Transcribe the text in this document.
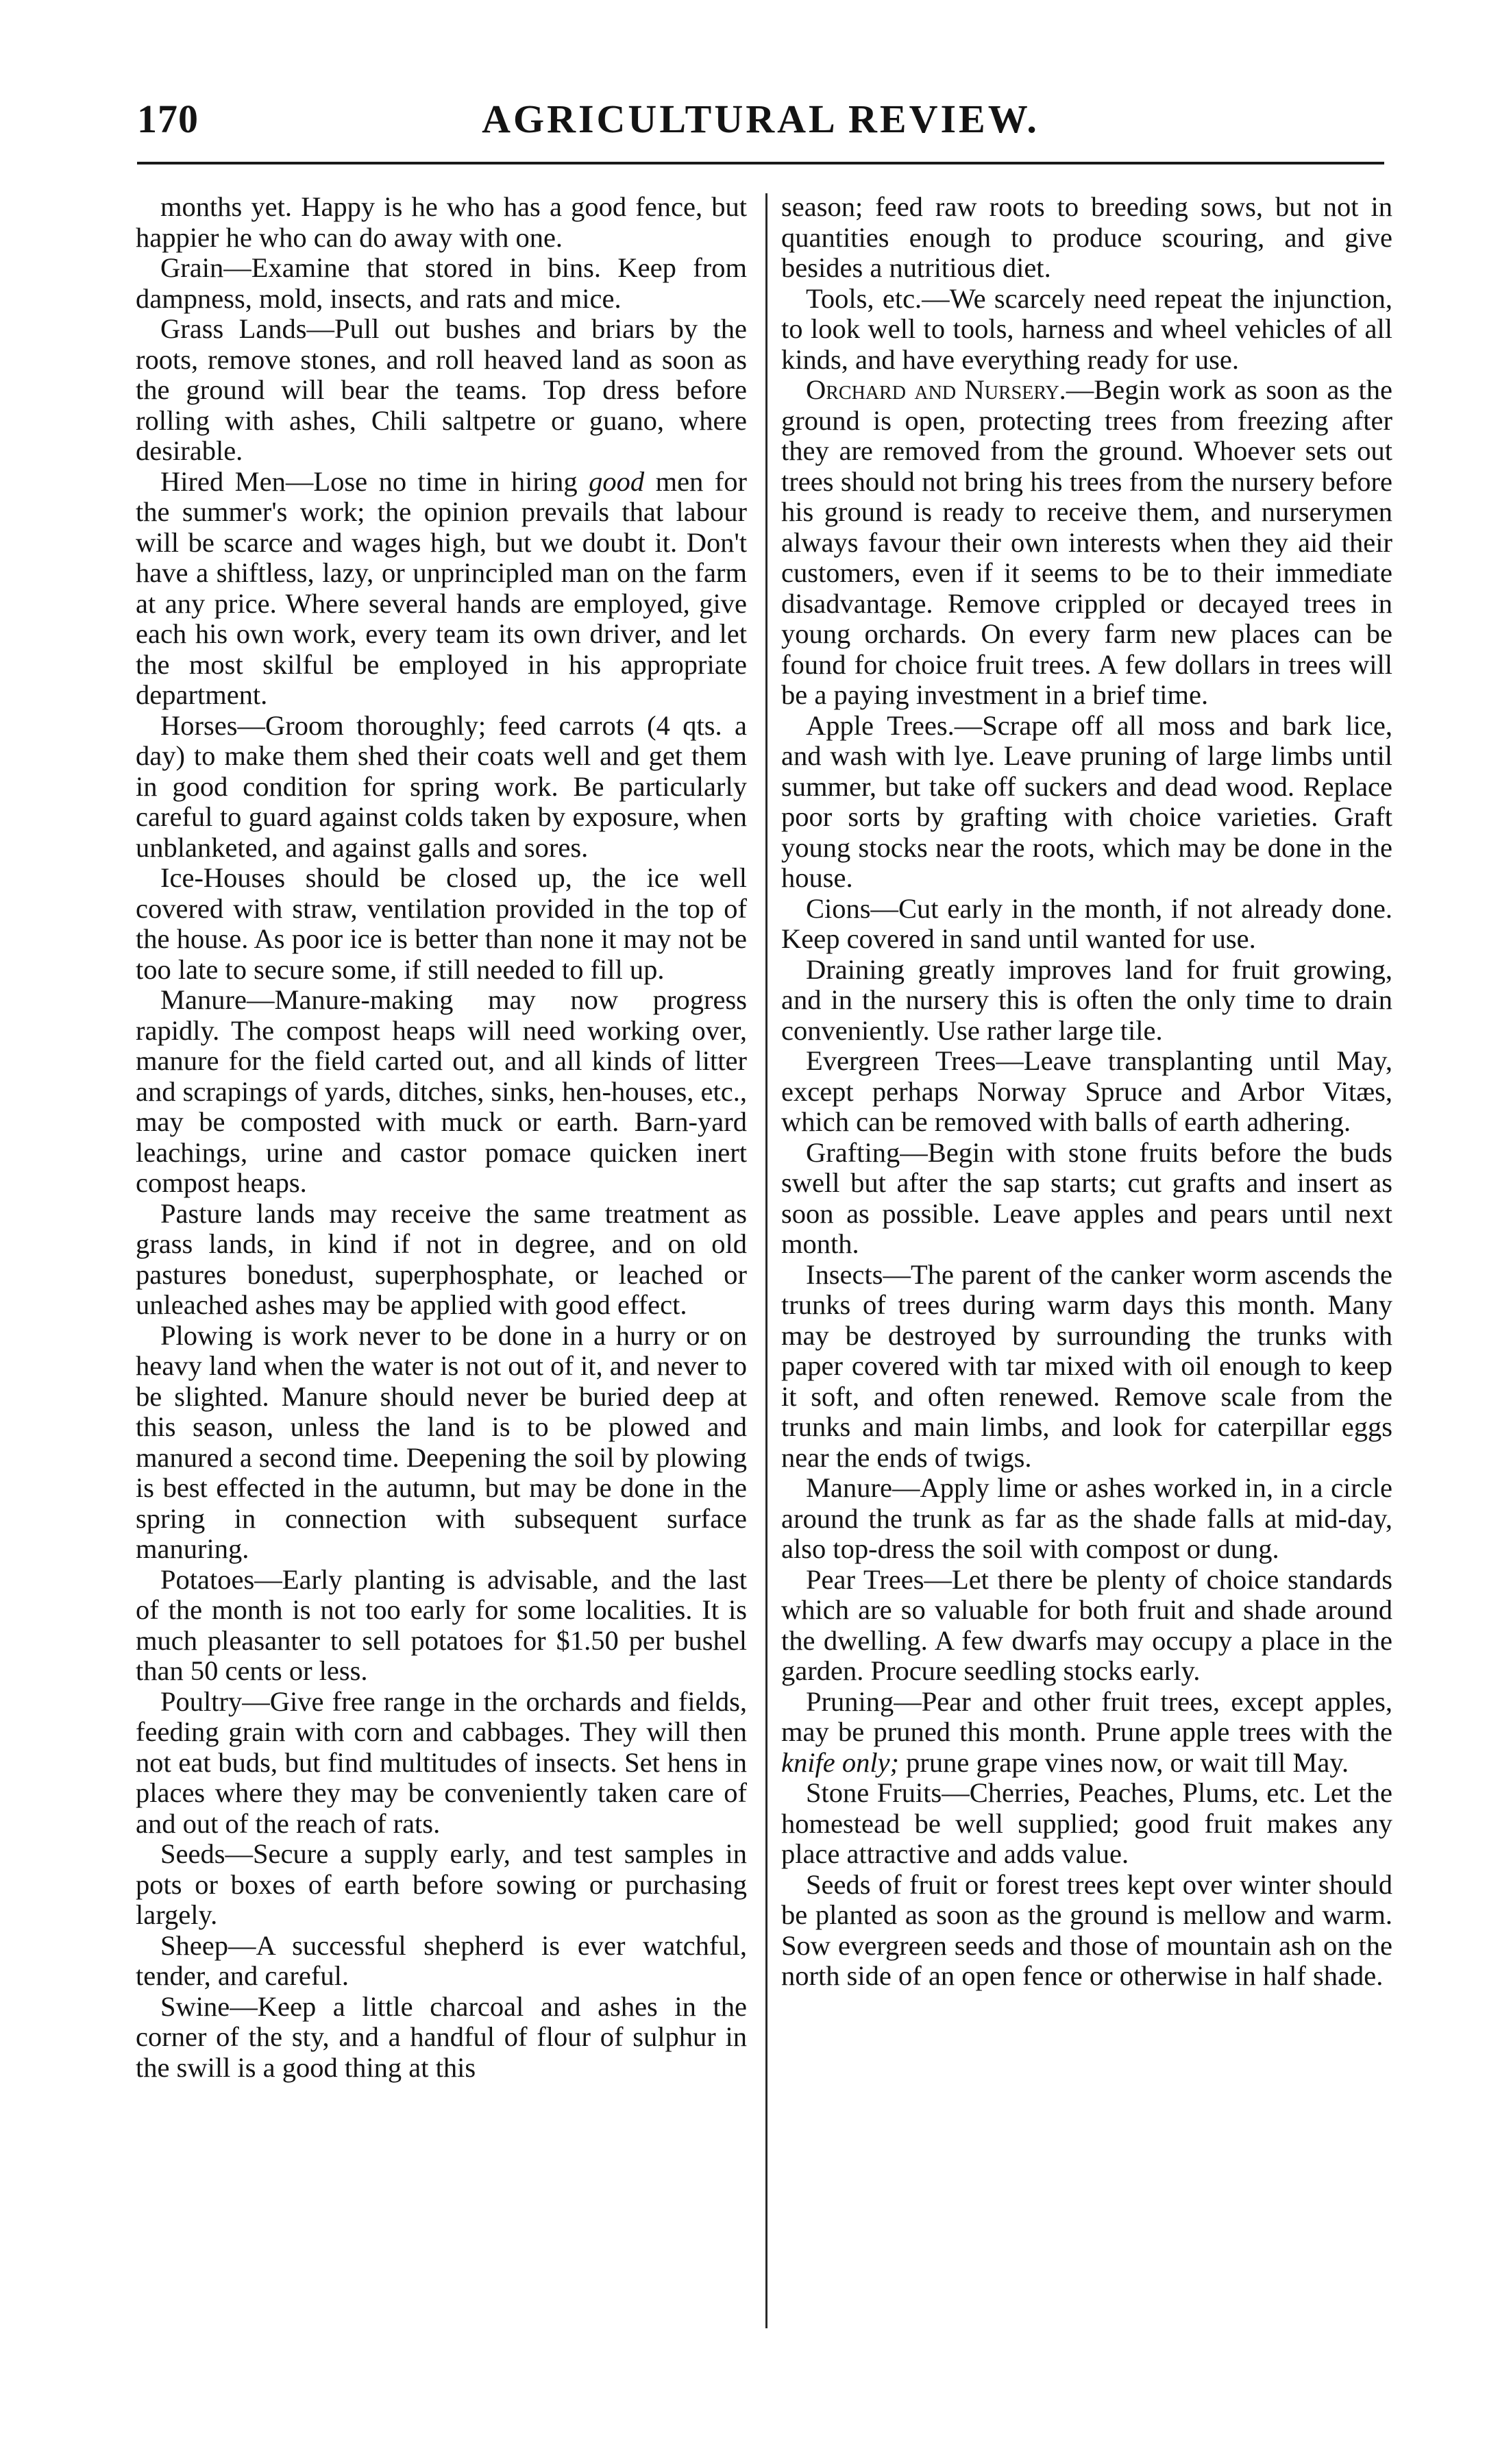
170	AGRICULTURAL REVIEW.

months yet. Happy is he who has a good fence, but happier he who can do away with one.

Grain—Examine that stored in bins. Keep from dampness, mold, insects, and rats and mice.

Grass Lands—Pull out bushes and briars by the roots, remove stones, and roll heaved land as soon as the ground will bear the teams. Top dress before rolling with ashes, Chili saltpetre or guano, where desirable.

Hired Men—Lose no time in hiring good men for the summer's work; the opinion prevails that labour will be scarce and wages high, but we doubt it. Don't have a shiftless, lazy, or unprincipled man on the farm at any price. Where several hands are employed, give each his own work, every team its own driver, and let the most skilful be employed in his appropriate department.

Horses—Groom thoroughly; feed carrots (4 qts. a day) to make them shed their coats well and get them in good condition for spring work. Be particularly careful to guard against colds taken by exposure, when unblanketed, and against galls and sores.

Ice-Houses should be closed up, the ice well covered with straw, ventilation provided in the top of the house. As poor ice is better than none it may not be too late to secure some, if still needed to fill up.

Manure—Manure-making may now progress rapidly. The compost heaps will need working over, manure for the field carted out, and all kinds of litter and scrapings of yards, ditches, sinks, hen-houses, etc., may be composted with muck or earth. Barn-yard leachings, urine and castor pomace quicken inert compost heaps.

Pasture lands may receive the same treatment as grass lands, in kind if not in degree, and on old pastures bonedust, superphosphate, or leached or unleached ashes may be applied with good effect.

Plowing is work never to be done in a hurry or on heavy land when the water is not out of it, and never to be slighted. Manure should never be buried deep at this season, unless the land is to be plowed and manured a second time. Deepening the soil by plowing is best effected in the autumn, but may be done in the spring in connection with subsequent surface manuring.

Potatoes—Early planting is advisable, and the last of the month is not too early for some localities. It is much pleasanter to sell potatoes for $1.50 per bushel than 50 cents or less.

Poultry—Give free range in the orchards and fields, feeding grain with corn and cabbages. They will then not eat buds, but find multitudes of insects. Set hens in places where they may be conveniently taken care of and out of the reach of rats.

Seeds—Secure a supply early, and test samples in pots or boxes of earth before sowing or purchasing largely.

Sheep—A successful shepherd is ever watchful, tender, and careful.

Swine—Keep a little charcoal and ashes in the corner of the sty, and a handful of flour of sulphur in the swill is a good thing at this

season; feed raw roots to breeding sows, but not in quantities enough to produce scouring, and give besides a nutritious diet.

Tools, etc.—We scarcely need repeat the injunction, to look well to tools, harness and wheel vehicles of all kinds, and have everything ready for use.

Orchard and Nursery.—Begin work as soon as the ground is open, protecting trees from freezing after they are removed from the ground. Whoever sets out trees should not bring his trees from the nursery before his ground is ready to receive them, and nurserymen always favour their own interests when they aid their customers, even if it seems to be to their immediate disadvantage. Remove crippled or decayed trees in young orchards. On every farm new places can be found for choice fruit trees. A few dollars in trees will be a paying investment in a brief time.

Apple Trees.—Scrape off all moss and bark lice, and wash with lye. Leave pruning of large limbs until summer, but take off suckers and dead wood. Replace poor sorts by grafting with choice varieties. Graft young stocks near the roots, which may be done in the house.

Cions—Cut early in the month, if not already done. Keep covered in sand until wanted for use.

Draining greatly improves land for fruit growing, and in the nursery this is often the only time to drain conveniently. Use rather large tile.

Evergreen Trees—Leave transplanting until May, except perhaps Norway Spruce and Arbor Vitæs, which can be removed with balls of earth adhering.

Grafting—Begin with stone fruits before the buds swell but after the sap starts; cut grafts and insert as soon as possible. Leave apples and pears until next month.

Insects—The parent of the canker worm ascends the trunks of trees during warm days this month. Many may be destroyed by surrounding the trunks with paper covered with tar mixed with oil enough to keep it soft, and often renewed. Remove scale from the trunks and main limbs, and look for caterpillar eggs near the ends of twigs.

Manure—Apply lime or ashes worked in, in a circle around the trunk as far as the shade falls at mid-day, also top-dress the soil with compost or dung.

Pear Trees—Let there be plenty of choice standards which are so valuable for both fruit and shade around the dwelling. A few dwarfs may occupy a place in the garden. Procure seedling stocks early.

Pruning—Pear and other fruit trees, except apples, may be pruned this month. Prune apple trees with the knife only; prune grape vines now, or wait till May.

Stone Fruits—Cherries, Peaches, Plums, etc. Let the homestead be well supplied; good fruit makes any place attractive and adds value.

Seeds of fruit or forest trees kept over winter should be planted as soon as the ground is mellow and warm. Sow evergreen seeds and those of mountain ash on the north side of an open fence or otherwise in half shade.
